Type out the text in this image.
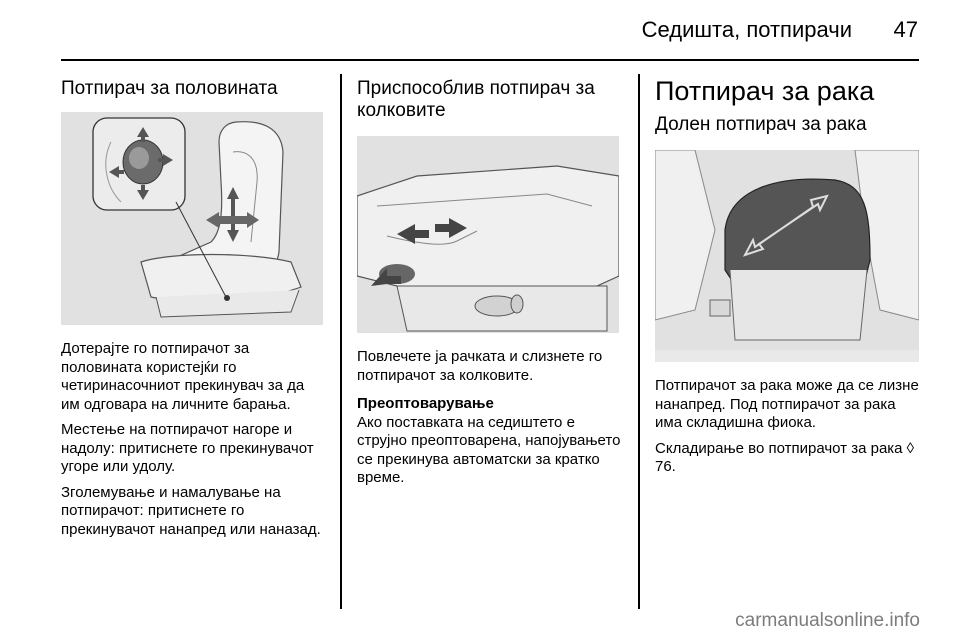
Седишта, потпирачи 47
Потпирач за половината

Дотерајте го потпирачот за половината користејќи го четиринасочниот прекинувач за да им одговара на личните барања.

Местење на потпирачот нагоре и надолу: притиснете го прекинувачот угоре или удолу.

Зголемување и намалување на потпирачот: притиснете го прекинувачот нанапред или наназад.

Приспособлив потпирач за колковите

Повлечете ја рачката и слизнете го потпирачот за колковите.

Преоптоварување

Ако поставката на седиштето е струјно преоптоварена, напојувањето се прекинува автоматски за кратко време.

Потпирач за рака
Долен потпирач за рака

Потпирачот за рака може да се лизне нанапред. Под потпирачот за рака има складишна фиока.

Складирање во потпирачот за рака ◊ 76.

carmanualsonline.info
